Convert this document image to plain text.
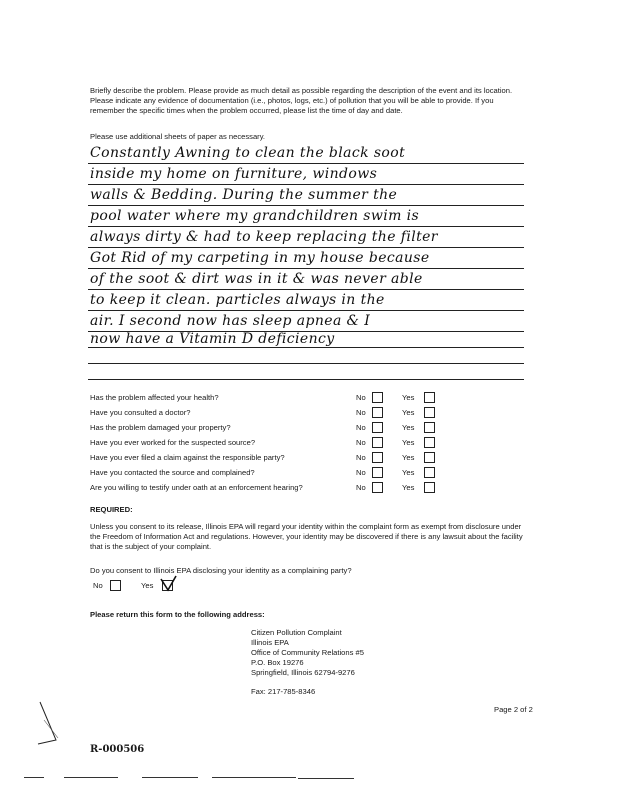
Briefly describe the problem. Please provide as much detail as possible regarding the description of the event and its location. Please indicate any evidence of documentation (i.e., photos, logs, etc.) of pollution that you will be able to provide. If you remember the specific times when the problem occurred, please list the time of day and date.
Please use additional sheets of paper as necessary.
Constantly Awning to clean the black soot
inside my home on furniture, windows
walls & Bedding. During the summer the
pool water where my grandchildren swim is
always dirty & had to keep replacing the filter
Got Rid of my carpeting in my house because
of the soot & dirt was in it & was never able
to keep it clean. particles always in the
air. I second now has sleep apnea & I
now have a Vitamin D deficiency
Has the problem affected your health?	No	Yes
Have you consulted a doctor?	No	Yes
Has the problem damaged your property?	No	Yes
Have you ever worked for the suspected source?	No	Yes
Have you ever filed a claim against the responsible party?	No	Yes
Have you contacted the source and complained?	No	Yes
Are you willing to testify under oath at an enforcement hearing?	No	Yes
REQUIRED:
Unless you consent to its release, Illinois EPA will regard your identity within the complaint form as exempt from disclosure under the Freedom of Information Act and regulations. However, your identity may be discovered if there is any lawsuit about the facility that is the subject of your complaint.
Do you consent to Illinois EPA disclosing your identity as a complaining party?
No	Yes
Please return this form to the following address:
Citizen Pollution Complaint
Illinois EPA
Office of Community Relations #5
P.O. Box 19276
Springfield, Illinois 62794-9276
Fax: 217-785-8346
Page 2 of 2
R-000506
